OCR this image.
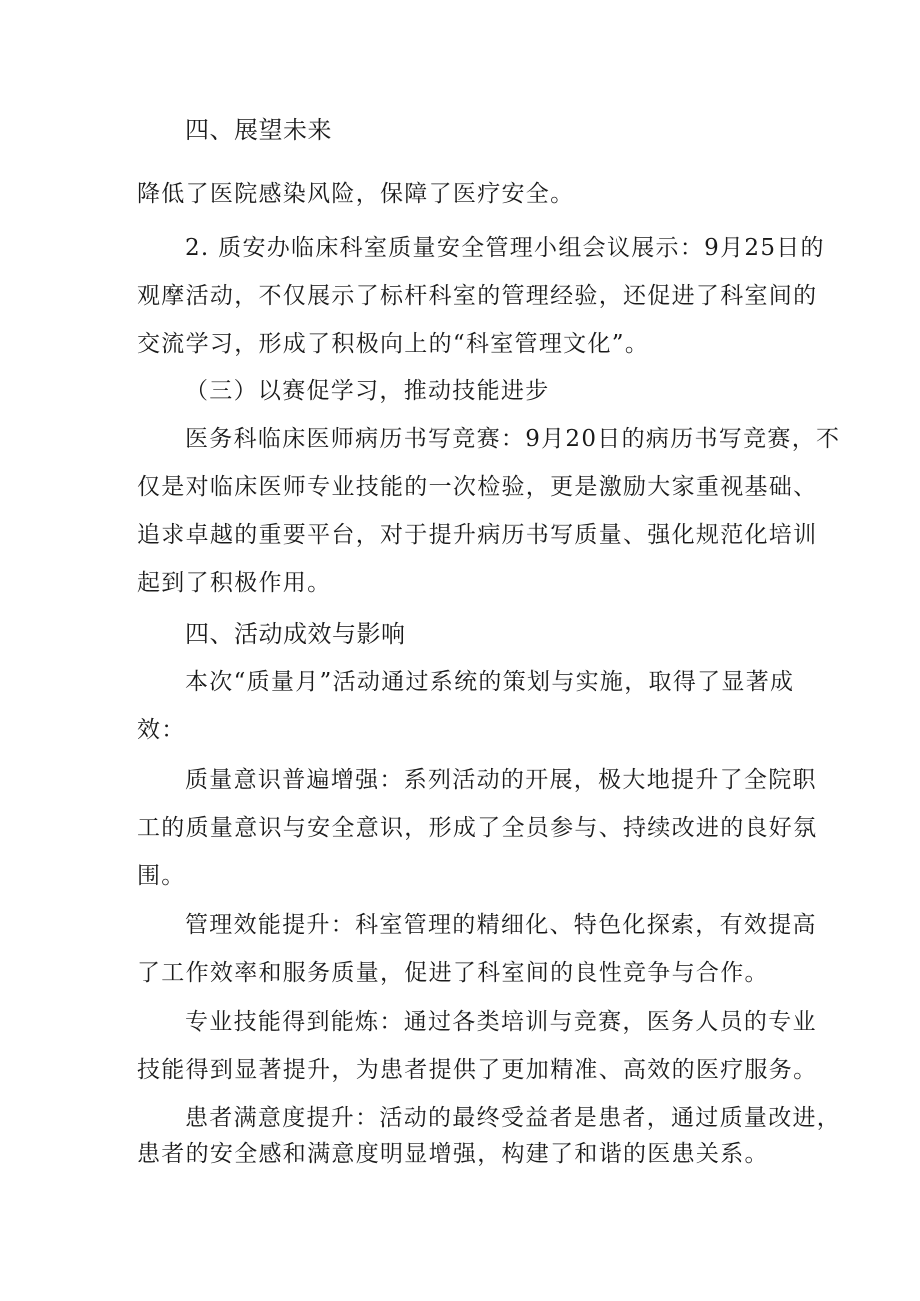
四、展望未来
降低了医院感染风险，保障了医疗安全。
2. 质安办临床科室质量安全管理小组会议展示：9月25日的
观摩活动，不仅展示了标杆科室的管理经验，还促进了科室间的
交流学习，形成了积极向上的“科室管理文化”。
（三）以赛促学习，推动技能进步
医务科临床医师病历书写竞赛：9月20日的病历书写竞赛，不
仅是对临床医师专业技能的一次检验，更是激励大家重视基础、
追求卓越的重要平台，对于提升病历书写质量、强化规范化培训
起到了积极作用。
四、活动成效与影响
本次“质量月”活动通过系统的策划与实施，取得了显著成
效：
质量意识普遍增强：系列活动的开展，极大地提升了全院职
工的质量意识与安全意识，形成了全员参与、持续改进的良好氛
围。
管理效能提升：科室管理的精细化、特色化探索，有效提高
了工作效率和服务质量，促进了科室间的良性竞争与合作。
专业技能得到能炼：通过各类培训与竞赛，医务人员的专业
技能得到显著提升，为患者提供了更加精准、高效的医疗服务。
患者满意度提升：活动的最终受益者是患者，通过质量改进，
患者的安全感和满意度明显增强，构建了和谐的医患关系。
